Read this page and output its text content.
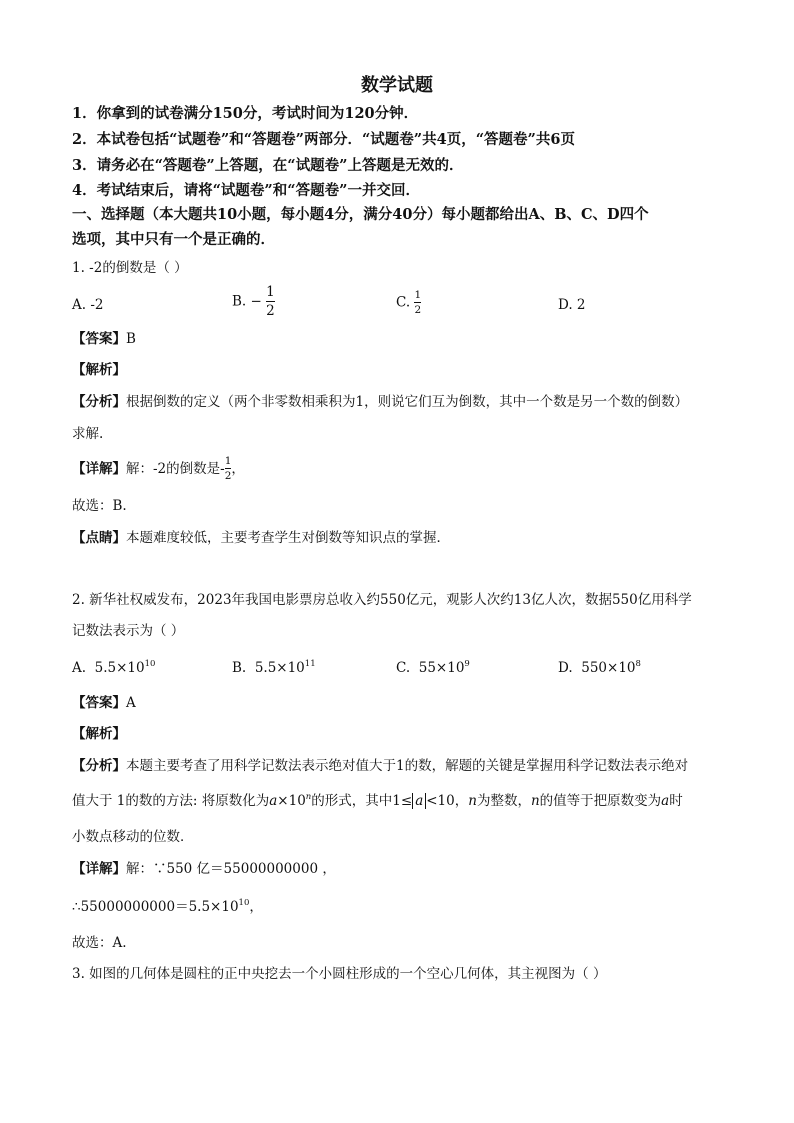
数学试题
1．你拿到的试卷满分150分，考试时间为120分钟．
2．本试卷包括“试题卷”和“答题卷”两部分．“试题卷”共4页，“答题卷”共6页
3．请务必在“答题卷”上答题，在“试题卷”上答题是无效的．
4．考试结束后，请将“试题卷”和“答题卷”一并交回．
一、选择题（本大题共10小题，每小题4分，满分40分）每小题都给出A、B、C、D四个
选项，其中只有一个是正确的．
1. -2的倒数是（ ）
A. -2	B. − $\frac{1}{2}$	C. $\frac{1}{2}$	D. 2
【答案】B
【解析】
【分析】根据倒数的定义（两个非零数相乘积为1，则说它们互为倒数，其中一个数是另一个数的倒数）
求解.
【详解】解：-2的倒数是- $\frac{1}{2}$ ，
故选：B.
【点睛】本题难度较低，主要考查学生对倒数等知识点的掌握．
2. 新华社权威发布，2023年我国电影票房总收入约550亿元，观影人次约13亿人次，数据550亿用科学
记数法表示为（ ）
A. $5.5\times 10^{10}$	B. $5.5\times 10^{11}$	C. $55\times 10^9$	D. $550\times 10^8$
【答案】A
【解析】
【分析】本题主要考查了用科学记数法表示绝对值大于1的数，解题的关键是掌握用科学记数法表示绝对
值大于 1的数的方法: 将原数化为$a\times 10^n$的形式，其中1≤ a <10，n为整数，n的值等于把原数变为a时
小数点移动的位数．
【详解】解：∵550 亿＝55000000000 ，
$\therefore 55000000000=5.5\times 10^{10}$，
故选：A.
3. 如图的几何体是圆柱的正中央挖去一个小圆柱形成的一个空心几何体，其主视图为（ ）
